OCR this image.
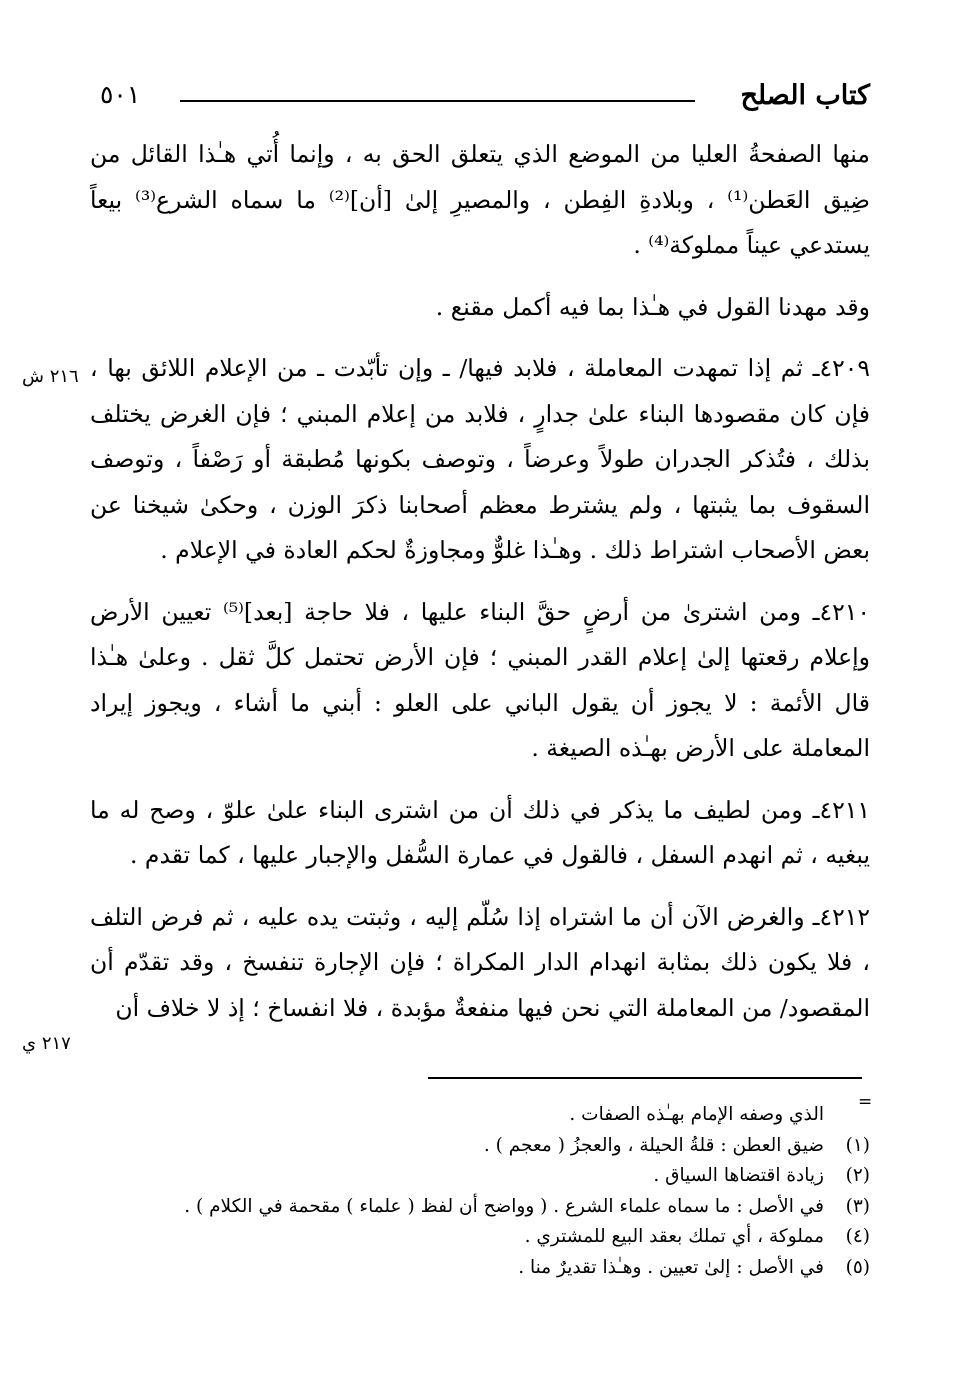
كتاب الصلح
٥٠١

منها الصفحةُ العليا من الموضع الذي يتعلق الحق به ، وإنما أُتي هـٰذا القائل من ضِيق العَطن⁽¹⁾ ، وبلادةِ الفِطن ، والمصيرِ إلىٰ [أن]⁽²⁾ ما سماه الشرع⁽³⁾ بيعاً يستدعي عيناً مملوكة⁽⁴⁾ .

وقد مهدنا القول في هـٰذا بما فيه أكمل مقنع .

٤٢٠٩ـ ثم إذا تمهدت المعاملة ، فلابد فيها/ ـ وإن تأبّدت ـ من الإعلام اللائق بها ، فإن كان مقصودها البناء علىٰ جدارٍ ، فلابد من إعلام المبني ؛ فإن الغرض يختلف بذلك ، فتُذكر الجدران طولاً وعرضاً ، وتوصف بكونها مُطبقة أو رَصْفاً ، وتوصف السقوف بما يثبتها ، ولم يشترط معظم أصحابنا ذكرَ الوزن ، وحكىٰ شيخنا عن بعض الأصحاب اشتراط ذلك . وهـٰذا غلوٌّ ومجاوزةٌ لحكم العادة في الإعلام .

٤٢١٠ـ ومن اشترىٰ من أرضٍ حقَّ البناء عليها ، فلا حاجة [بعد]⁽⁵⁾ تعيين الأرض وإعلام رقعتها إلىٰ إعلام القدر المبني ؛ فإن الأرض تحتمل كلَّ ثقل . وعلىٰ هـٰذا قال الأئمة : لا يجوز أن يقول الباني على العلو : أبني ما أشاء ، ويجوز إيراد المعاملة على الأرض بهـٰذه الصيغة .

٤٢١١ـ ومن لطيف ما يذكر في ذلك أن من اشترى البناء علىٰ علوّ ، وصح له ما يبغيه ، ثم انهدم السفل ، فالقول في عمارة السُّفل والإجبار عليها ، كما تقدم .

٤٢١٢ـ والغرض الآن أن ما اشتراه إذا سُلّم إليه ، وثبتت يده عليه ، ثم فرض التلف ، فلا يكون ذلك بمثابة انهدام الدار المكراة ؛ فإن الإجارة تنفسخ ، وقد تقدّم أن المقصود/ من المعاملة التي نحن فيها منفعةٌ مؤبدة ، فلا انفساخ ؛ إذ لا خلاف أن

٢١٦ ش
٢١٧ ي
=
الذي وصفه الإمام بهـٰذه الصفات .
(١)
ضيق العطن : قلةُ الحيلة ، والعجزُ ( معجم ) .
(٢)
زيادة اقتضاها السياق .
(٣)
في الأصل : ما سماه علماء الشرع . ( وواضح أن لفظ ( علماء ) مقحمة في الكلام ) .
(٤)
مملوكة ، أي تملك بعقد البيع للمشتري .
(٥)
في الأصل : إلىٰ تعيين . وهـٰذا تقديرٌ منا .
